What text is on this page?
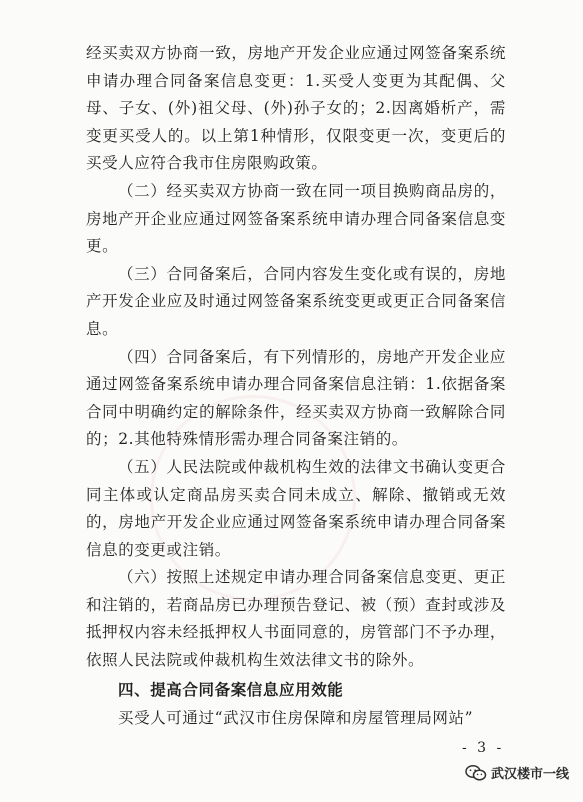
经买卖双方协商一致，房地产开发企业应通过网签备案系统申请办理合同备案信息变更：1.买受人变更为其配偶、父母、子女、(外)祖父母、(外)孙子女的；2.因离婚析产，需变更买受人的。以上第1种情形，仅限变更一次，变更后的买受人应符合我市住房限购政策。

（二）经买卖双方协商一致在同一项目换购商品房的，房地产开企业应通过网签备案系统申请办理合同备案信息变更。

（三）合同备案后，合同内容发生变化或有误的，房地产开发企业应及时通过网签备案系统变更或更正合同备案信息。

（四）合同备案后，有下列情形的，房地产开发企业应通过网签备案系统申请办理合同备案信息注销：1.依据备案合同中明确约定的解除条件，经买卖双方协商一致解除合同的；2.其他特殊情形需办理合同备案注销的。

（五）人民法院或仲裁机构生效的法律文书确认变更合同主体或认定商品房买卖合同未成立、解除、撤销或无效的，房地产开发企业应通过网签备案系统申请办理合同备案信息的变更或注销。

（六）按照上述规定申请办理合同备案信息变更、更正和注销的，若商品房已办理预告登记、被（预）查封或涉及抵押权内容未经抵押权人书面同意的，房管部门不予办理，依照人民法院或仲裁机构生效法律文书的除外。

四、提高合同备案信息应用效能

买受人可通过“武汉市住房保障和房屋管理局网站”

- 3 -
武汉楼市一线
